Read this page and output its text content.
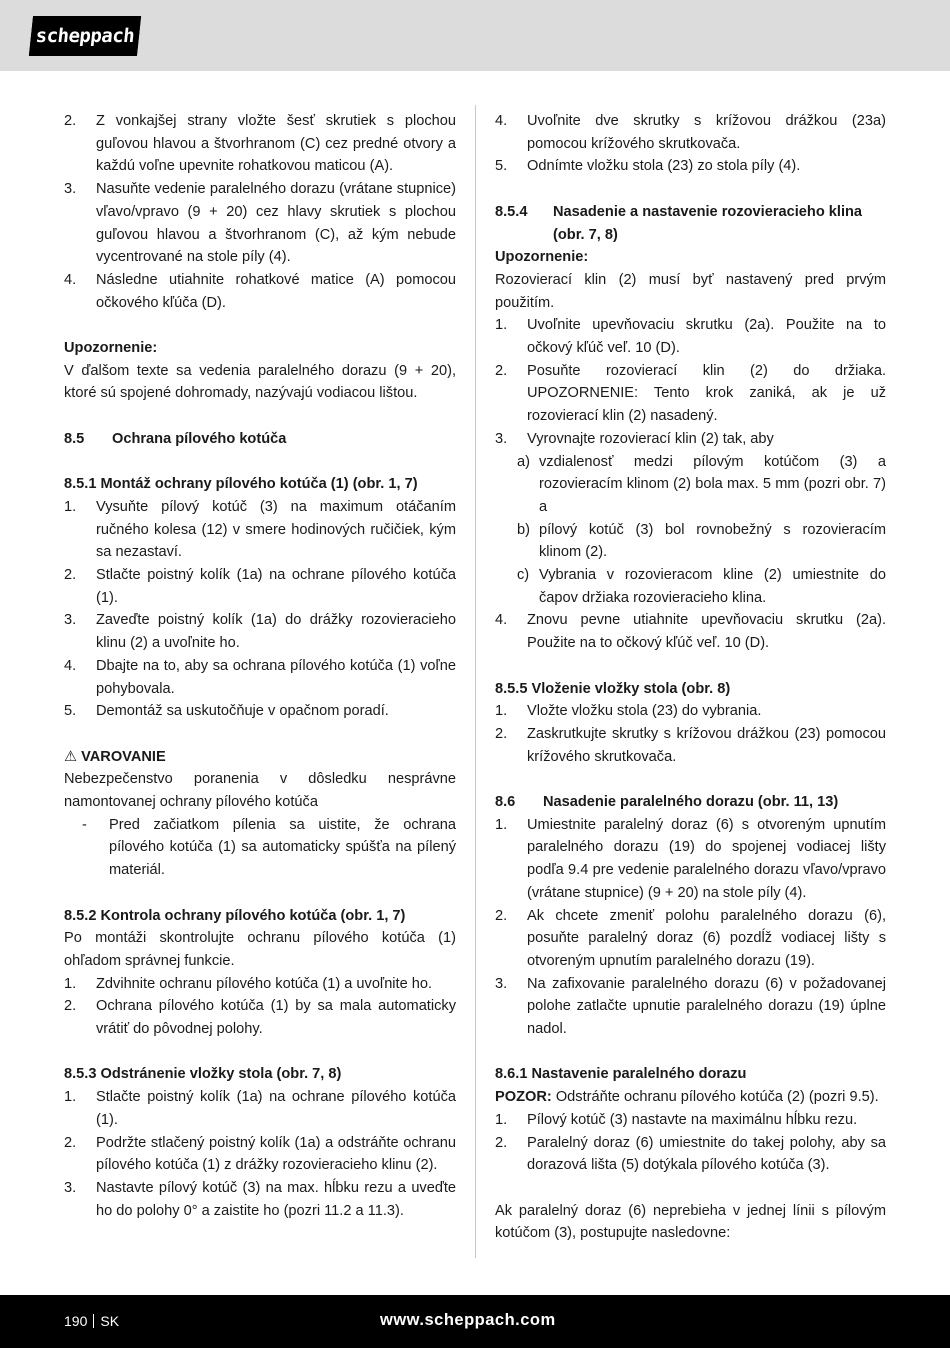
scheppach
2.	Z vonkajšej strany vložte šesť skrutiek s plochou guľovou hlavou a štvorhranom (C) cez predné otvory a každú voľne upevnite rohatkovou maticou (A).
3.	Nasuňte vedenie paralelného dorazu (vrátane stupnice) vľavo/vpravo (9 + 20) cez hlavy skrutiek s plochou guľovou hlavou a štvorhranom (C), až kým nebude vycentrované na stole píly (4).
4.	Následne utiahnite rohatkové matice (A) pomocou očkového kľúča (D).

Upozornenie:

V ďalšom texte sa vedenia paralelného dorazu (9 + 20), ktoré sú spojené dohromady, nazývajú vodiacou lištou.

8.5	Ochrana pílového kotúča

8.5.1 Montáž ochrany pílového kotúča (1) (obr. 1, 7)

1.	Vysuňte pílový kotúč (3) na maximum otáčaním ručného kolesa (12) v smere hodinových ručičiek, kým sa nezastaví.
2.	Stlačte poistný kolík (1a) na ochrane pílového kotúča (1).
3.	Zaveďte poistný kolík (1a) do drážky rozovieracieho klinu (2) a uvoľnite ho.
4.	Dbajte na to, aby sa ochrana pílového kotúča (1) voľne pohybovala.
5.	Demontáž sa uskutočňuje v opačnom poradí.

⚠ VAROVANIE

Nebezpečenstvo poranenia v dôsledku nesprávne namontovanej ochrany pílového kotúča

-	Pred začiatkom pílenia sa uistite, že ochrana pílového kotúča (1) sa automaticky spúšťa na pílený materiál.

8.5.2 Kontrola ochrany pílového kotúča (obr. 1, 7)

Po montáži skontrolujte ochranu pílového kotúča (1) ohľadom správnej funkcie.

1.	Zdvihnite ochranu pílového kotúča (1) a uvoľnite ho.
2.	Ochrana pílového kotúča (1) by sa mala automaticky vrátiť do pôvodnej polohy.

8.5.3 Odstránenie vložky stola (obr. 7, 8)

1.	Stlačte poistný kolík (1a) na ochrane pílového kotúča (1).
2.	Podržte stlačený poistný kolík (1a) a odstráňte ochranu pílového kotúča (1) z drážky rozovieracieho klinu (2).
3.	Nastavte pílový kotúč (3) na max. hĺbku rezu a uveďte ho do polohy 0° a zaistite ho (pozri 11.2 a 11.3).
4.	Uvoľnite dve skrutky s krížovou drážkou (23a) pomocou krížového skrutkovača.
5.	Odnímte vložku stola (23) zo stola píly (4).
8.5.4	Nasadenie a nastavenie rozovieracieho klina (obr. 7, 8)

Upozornenie:

Rozovierací klin (2) musí byť nastavený pred prvým použitím.

1.	Uvoľnite upevňovaciu skrutku (2a). Použite na to očkový kľúč veľ. 10 (D).
2.	Posuňte rozovierací klin (2) do držiaka. UPOZORNENIE: Tento krok zaniká, ak je už rozovierací klin (2) nasadený.
3.	Vyrovnajte rozovierací klin (2) tak, aby
a) vzdialenosť medzi pílovým kotúčom (3) a rozovieracím klinom (2) bola max. 5 mm (pozri obr. 7) a
b) pílový kotúč (3) bol rovnobežný s rozovieracím klinom (2).
c) Vybrania v rozovieracom kline (2) umiestnite do čapov držiaka rozovieracieho klina.
4.	Znovu pevne utiahnite upevňovaciu skrutku (2a). Použite na to očkový kľúč veľ. 10 (D).

8.5.5 Vloženie vložky stola (obr. 8)

1.	Vložte vložku stola (23) do vybrania.
2.	Zaskrutkujte skrutky s krížovou drážkou (23) pomocou krížového skrutkovača.
8.6	Nasadenie paralelného dorazu (obr. 11, 13)
1.	Umiestnite paralelný doraz (6) s otvoreným upnutím paralelného dorazu (19) do spojenej vodiacej lišty podľa 9.4 pre vedenie paralelného dorazu vľavo/vpravo (vrátane stupnice) (9 + 20) na stole píly (4).
2.	Ak chcete zmeniť polohu paralelného dorazu (6), posuňte paralelný doraz (6) pozdĺž vodiacej lišty s otvoreným upnutím paralelného dorazu (19).
3.	Na zafixovanie paralelného dorazu (6) v požadovanej polohe zatlačte upnutie paralelného dorazu (19) úplne nadol.

8.6.1 Nastavenie paralelného dorazu

POZOR: Odstráňte ochranu pílového kotúča (2) (pozri 9.5).

1.	Pílový kotúč (3) nastavte na maximálnu hĺbku rezu.
2.	Paralelný doraz (6) umiestnite do takej polohy, aby sa dorazová lišta (5) dotýkala pílového kotúča (3).

Ak paralelný doraz (6) neprebieha v jednej línii s pílovým kotúčom (3), postupujte nasledovne:

190 SK	www.scheppach.com
